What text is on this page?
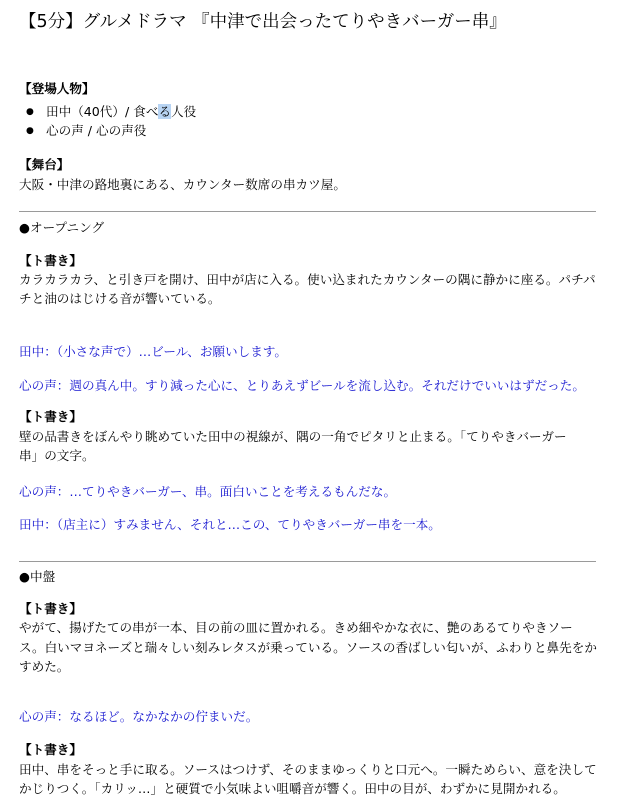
【5分】グルメドラマ 『中津で出会ったてりやきバーガー串』
【登場人物】
● 田中（40代）/ 食べる人役
● 心の声 / 心の声役
【舞台】
大阪・中津の路地裏にある、カウンター数席の串カツ屋。
●オープニング
【ト書き】
カラカラカラ、と引き戸を開け、田中が店に入る。使い込まれたカウンターの隅に静かに座る。パチパ
チと油のはじける音が響いている。
田中：（小さな声で）…ビール、お願いします。
心の声：週の真ん中。すり減った心に、とりあえずビールを流し込む。それだけでいいはずだった。
【ト書き】
壁の品書きをぼんやり眺めていた田中の視線が、隅の一角でピタリと止まる。「てりやきバーガー
串」の文字。
心の声：…てりやきバーガー、串。面白いことを考えるもんだな。
田中：（店主に）すみません、それと…この、てりやきバーガー串を一本。
●中盤
【ト書き】
やがて、揚げたての串が一本、目の前の皿に置かれる。きめ細やかな衣に、艶のあるてりやきソー
ス。白いマヨネーズと瑞々しい刻みレタスが乗っている。ソースの香ばしい匂いが、ふわりと鼻先をか
すめた。
心の声：なるほど。なかなかの佇まいだ。
【ト書き】
田中、串をそっと手に取る。ソースはつけず、そのままゆっくりと口元へ。一瞬ためらい、意を決して
かじりつく。「カリッ…」と硬質で小気味よい咀嚼音が響く。田中の目が、わずかに見開かれる。
